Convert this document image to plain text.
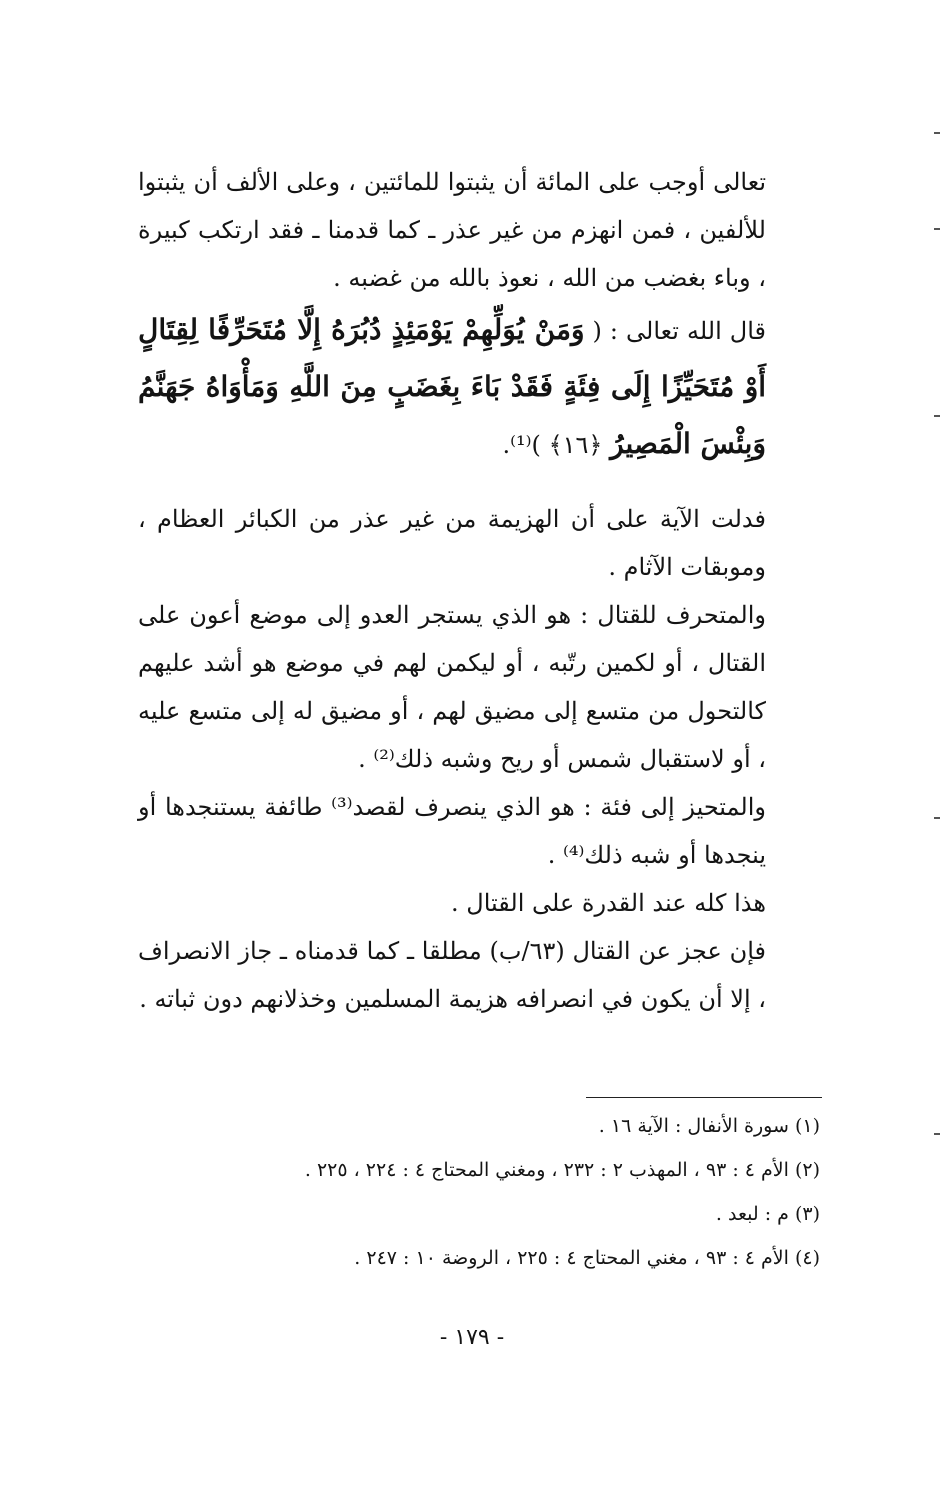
تعالى أوجب على المائة أن يثبتوا للمائتين ، وعلى الألف أن يثبتوا للألفين ، فمن انهزم من غير عذر ـ كما قدمنا ـ فقد ارتكب كبيرة ، وباء بغضب من الله ، نعوذ بالله من غضبه .

قال الله تعالى : ( وَمَنْ يُوَلِّهِمْ يَوْمَئِذٍ دُبُرَهُ إِلَّا مُتَحَرِّفًا لِقِتَالٍ أَوْ مُتَحَيِّزًا إِلَى فِئَةٍ فَقَدْ بَاءَ بِغَضَبٍ مِنَ اللَّهِ وَمَأْوَاهُ جَهَنَّمُ وَبِئْسَ الْمَصِيرُ ﴿١٦﴾ )⁽¹⁾.

فدلت الآية على أن الهزيمة من غير عذر من الكبائر العظام ، وموبقات الآثام .

والمتحرف للقتال : هو الذي يستجر العدو إلى موضع أعون على القتال ، أو لكمين رتّبه ، أو ليكمن لهم في موضع هو أشد عليهم كالتحول من متسع إلى مضيق لهم ، أو مضيق له إلى متسع عليه ، أو لاستقبال شمس أو ريح وشبه ذلك⁽²⁾ .

والمتحيز إلى فئة : هو الذي ينصرف لقصد⁽³⁾ طائفة يستنجدها أو ينجدها أو شبه ذلك⁽⁴⁾ .

هذا كله عند القدرة على القتال .

فإن عجز عن القتال (٦٣/ب) مطلقا ـ كما قدمناه ـ جاز الانصراف ، إلا أن يكون في انصرافه هزيمة المسلمين وخذلانهم دون ثباته .

(١) سورة الأنفال : الآية ١٦ .

(٢) الأم ٤ : ٩٣ ، المهذب ٢ : ٢٣٢ ، ومغني المحتاج ٤ : ٢٢٤ ، ٢٢٥ .

(٣) م : لبعد .

(٤) الأم ٤ : ٩٣ ، مغني المحتاج ٤ : ٢٢٥ ، الروضة ١٠ : ٢٤٧ .

- ١٧٩ -
